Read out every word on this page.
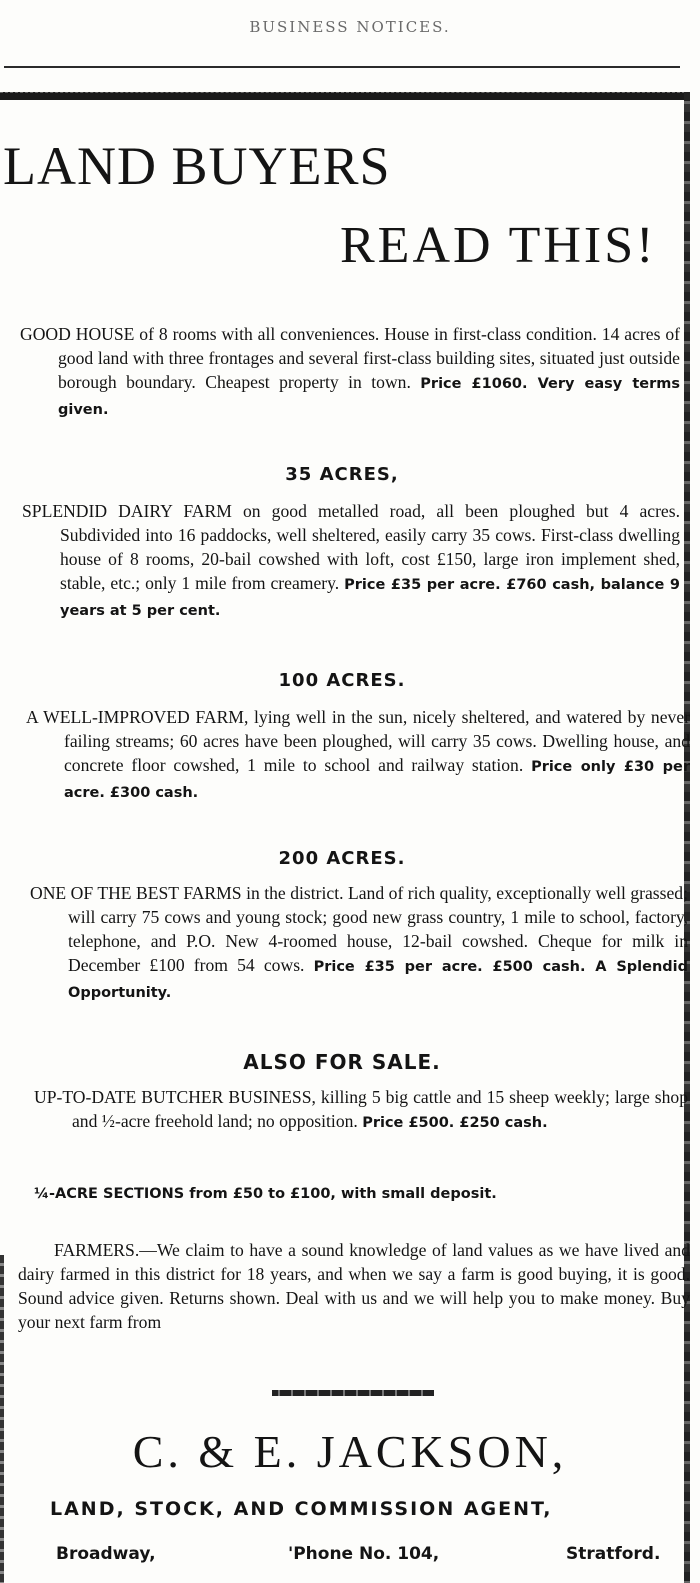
BUSINESS NOTICES.
LAND BUYERS
READ THIS!
GOOD HOUSE of 8 rooms with all conveniences. House in first-class condition. 14 acres of good land with three frontages and several first-class building sites, situated just outside borough boundary. Cheapest property in town. Price £1060. Very easy terms given.
35 ACRES,
SPLENDID DAIRY FARM on good metalled road, all been ploughed but 4 acres. Subdivided into 16 paddocks, well sheltered, easily carry 35 cows. First-class dwelling house of 8 rooms, 20-bail cowshed with loft, cost £150, large iron implement shed, stable, etc.; only 1 mile from creamery. Price £35 per acre. £760 cash, balance 9 years at 5 per cent.
100 ACRES.
A WELL-IMPROVED FARM, lying well in the sun, nicely sheltered, and watered by never failing streams; 60 acres have been ploughed, will carry 35 cows. Dwelling house, and concrete floor cowshed, 1 mile to school and railway station. Price only £30 per acre. £300 cash.
200 ACRES.
ONE OF THE BEST FARMS in the district. Land of rich quality, exceptionally well grassed; will carry 75 cows and young stock; good new grass country, 1 mile to school, factory, telephone, and P.O. New 4-roomed house, 12-bail cowshed. Cheque for milk in December £100 from 54 cows. Price £35 per acre. £500 cash. A Splendid Opportunity.
ALSO FOR SALE.
UP-TO-DATE BUTCHER BUSINESS, killing 5 big cattle and 15 sheep weekly; large shop and ½-acre freehold land; no opposition. Price £500. £250 cash.
¼-ACRE SECTIONS from £50 to £100, with small deposit.
FARMERS.—We claim to have a sound knowledge of land values as we have lived and dairy farmed in this district for 18 years, and when we say a farm is good buying, it is good. Sound advice given. Returns shown. Deal with us and we will help you to make money. Buy your next farm from
C. & E. JACKSON,
LAND, STOCK, AND COMMISSION AGENT,
Broadway,	'Phone No. 104,	Stratford.
